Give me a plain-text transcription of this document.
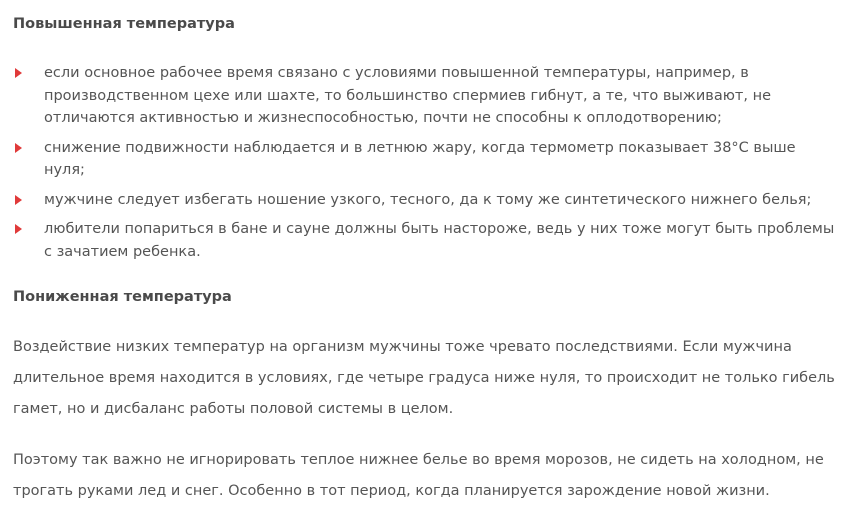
Повышенная температура
если основное рабочее время связано с условиями повышенной температуры, например, в производственном цехе или шахте, то большинство спермиев гибнут, а те, что выживают, не отличаются активностью и жизнеспособностью, почти не способны к оплодотворению;
снижение подвижности наблюдается и в летнюю жару, когда термометр показывает 38°С выше нуля;
мужчине следует избегать ношение узкого, тесного, да к тому же синтетического нижнего белья;
любители попариться в бане и сауне должны быть настороже, ведь у них тоже могут быть проблемы с зачатием ребенка.
Пониженная температура

Воздействие низких температур на организм мужчины тоже чревато последствиями. Если мужчина длительное время находится в условиях, где четыре градуса ниже нуля, то происходит не только гибель гамет, но и дисбаланс работы половой системы в целом.

Поэтому так важно не игнорировать теплое нижнее белье во время морозов, не сидеть на холодном, не трогать руками лед и снег. Особенно в тот период, когда планируется зарождение новой жизни.
